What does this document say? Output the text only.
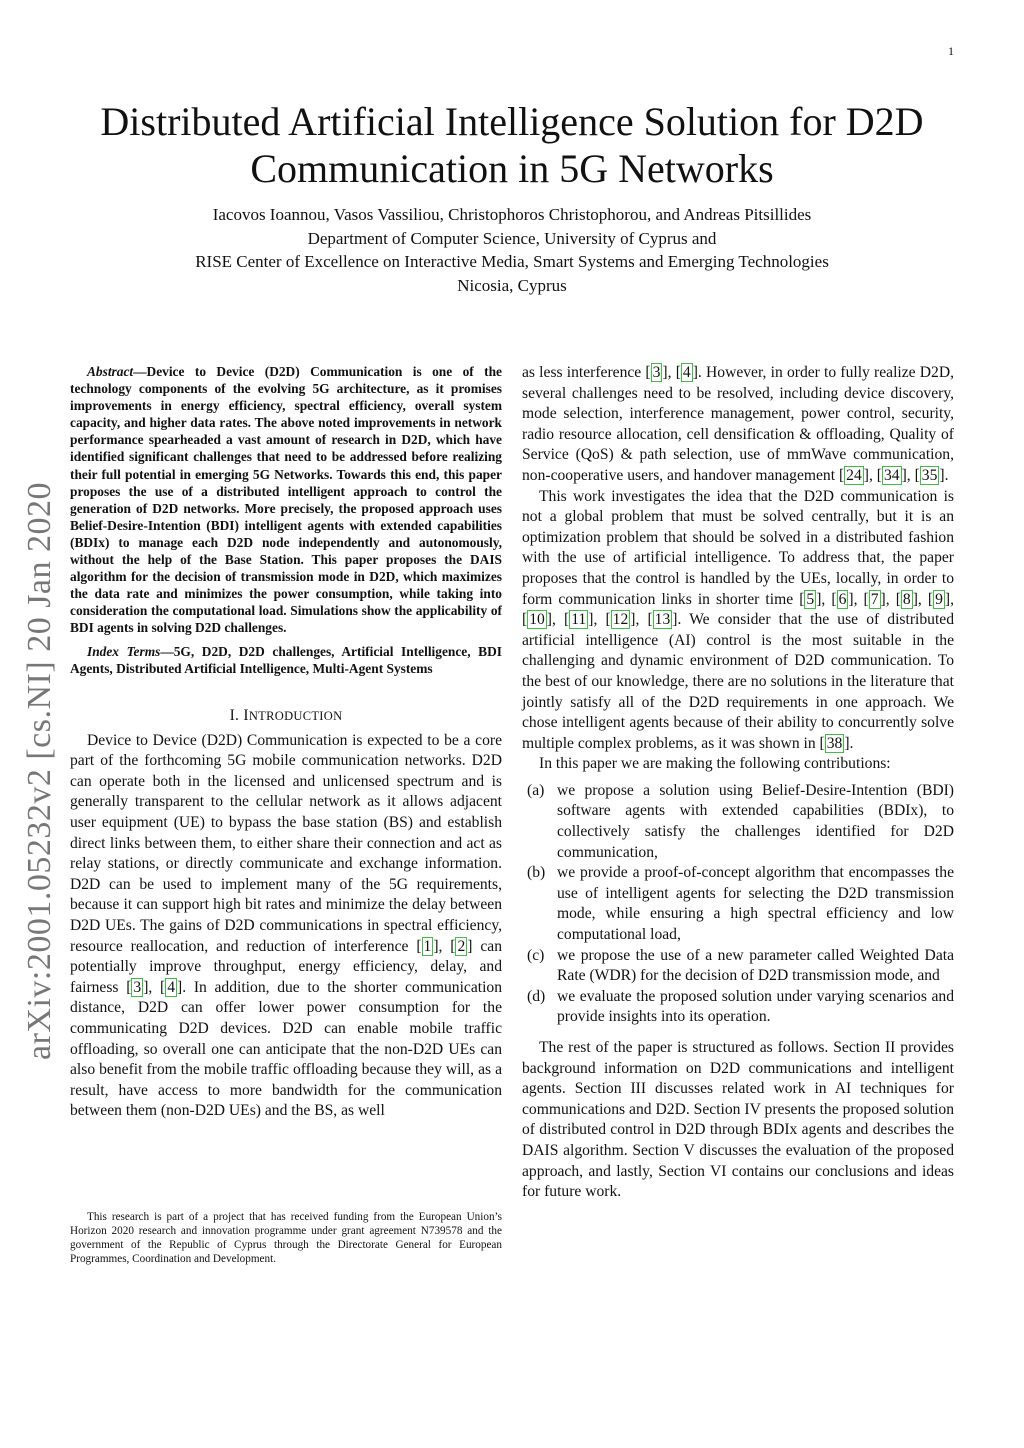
1
Distributed Artificial Intelligence Solution for D2D
Communication in 5G Networks
Iacovos Ioannou, Vasos Vassiliou, Christophoros Christophorou, and Andreas Pitsillides
Department of Computer Science, University of Cyprus and
RISE Center of Excellence on Interactive Media, Smart Systems and Emerging Technologies
Nicosia, Cyprus
arXiv:2001.05232v2 [cs.NI] 20 Jan 2020

Abstract—Device to Device (D2D) Communication is one of the technology components of the evolving 5G architecture, as it promises improvements in energy efficiency, spectral efficiency, overall system capacity, and higher data rates. The above noted improvements in network performance spearheaded a vast amount of research in D2D, which have identified significant challenges that need to be addressed before realizing their full potential in emerging 5G Networks. Towards this end, this paper proposes the use of a distributed intelligent approach to control the generation of D2D networks. More precisely, the proposed approach uses Belief-Desire-Intention (BDI) intelligent agents with extended capabilities (BDIx) to manage each D2D node independently and autonomously, without the help of the Base Station. This paper proposes the DAIS algorithm for the decision of transmission mode in D2D, which maximizes the data rate and minimizes the power consumption, while taking into consideration the computational load. Simulations show the applicability of BDI agents in solving D2D challenges.

Index Terms—5G, D2D, D2D challenges, Artificial Intelligence, BDI Agents, Distributed Artificial Intelligence, Multi-Agent Systems

I. INTRODUCTION

Device to Device (D2D) Communication is expected to be a core part of the forthcoming 5G mobile communication networks. D2D can operate both in the licensed and unlicensed spectrum and is generally transparent to the cellular network as it allows adjacent user equipment (UE) to bypass the base station (BS) and establish direct links between them, to either share their connection and act as relay stations, or directly communicate and exchange information. D2D can be used to implement many of the 5G requirements, because it can support high bit rates and minimize the delay between D2D UEs. The gains of D2D communications in spectral efficiency, resource reallocation, and reduction of interference [ 1 ], [ 2 ] can potentially improve throughput, energy efficiency, delay, and fairness [ 3 ], [ 4 ]. In addition, due to the shorter communication distance, D2D can offer lower power consumption for the communicating D2D devices. D2D can enable mobile traffic offloading, so overall one can anticipate that the non-D2D UEs can also benefit from the mobile traffic offloading because they will, as a result, have access to more bandwidth for the communication between them (non-D2D UEs) and the BS, as well

This research is part of a project that has received funding from the European Union’s Horizon 2020 research and innovation programme under grant agreement N739578 and the government of the Republic of Cyprus through the Directorate General for European Programmes, Coordination and Development.

as less interference [ 3 ], [ 4 ]. However, in order to fully realize D2D, several challenges need to be resolved, including device discovery, mode selection, interference management, power control, security, radio resource allocation, cell densification & offloading, Quality of Service (QoS) & path selection, use of mmWave communication, non-cooperative users, and handover management [ 24 ], [ 34 ], [ 35 ].

This work investigates the idea that the D2D communication is not a global problem that must be solved centrally, but it is an optimization problem that should be solved in a distributed fashion with the use of artificial intelligence. To address that, the paper proposes that the control is handled by the UEs, locally, in order to form communication links in shorter time [ 5 ], [ 6 ], [ 7 ], [ 8 ], [ 9 ], [ 10 ], [ 11 ], [ 12 ], [ 13 ]. We consider that the use of distributed artificial intelligence (AI) control is the most suitable in the challenging and dynamic environment of D2D communication. To the best of our knowledge, there are no solutions in the literature that jointly satisfy all of the D2D requirements in one approach. We chose intelligent agents because of their ability to concurrently solve multiple complex problems, as it was shown in [ 38 ].

In this paper we are making the following contributions:

(a) we propose a solution using Belief-Desire-Intention (BDI) software agents with extended capabilities (BDIx), to collectively satisfy the challenges identified for D2D communication,
(b) we provide a proof-of-concept algorithm that encompasses the use of intelligent agents for selecting the D2D transmission mode, while ensuring a high spectral efficiency and low computational load,
(c) we propose the use of a new parameter called Weighted Data Rate (WDR) for the decision of D2D transmission mode, and
(d) we evaluate the proposed solution under varying scenarios and provide insights into its operation.

The rest of the paper is structured as follows. Section II provides background information on D2D communications and intelligent agents. Section III discusses related work in AI techniques for communications and D2D. Section IV presents the proposed solution of distributed control in D2D through BDIx agents and describes the DAIS algorithm. Section V discusses the evaluation of the proposed approach, and lastly, Section VI contains our conclusions and ideas for future work.
